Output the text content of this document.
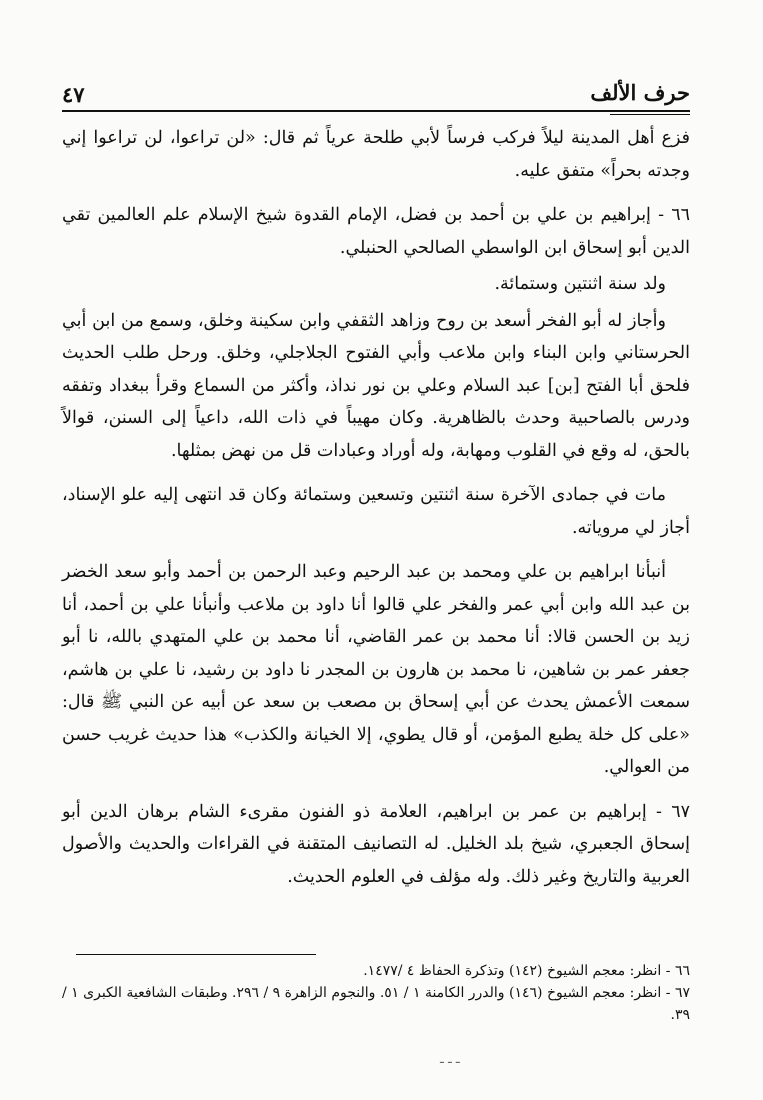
حرف الألف
٤٧

فزع أهل المدينة ليلاً فركب فرساً لأبي طلحة عرياً ثم قال: «لن تراعوا، لن تراعوا إني وجدته بحراً» متفق عليه.

٦٦ - إبراهيم بن علي بن أحمد بن فضل، الإمام القدوة شيخ الإسلام علم العالمين تقي الدين أبو إسحاق ابن الواسطي الصالحي الحنبلي.

ولد سنة اثنتين وستمائة.

وأجاز له أبو الفخر أسعد بن روح وزاهد الثقفي وابن سكينة وخلق، وسمع من ابن أبي الحرستاني وابن البناء وابن ملاعب وأبي الفتوح الجلاجلي، وخلق. ورحل طلب الحديث فلحق أبا الفتح [بن] عبد السلام وعلي بن نور نداذ، وأكثر من السماع وقرأ ببغداد وتفقه ودرس بالصاحبية وحدث بالظاهرية. وكان مهيباً في ذات الله، داعياً إلى السنن، قوالاً بالحق، له وقع في القلوب ومهابة، وله أوراد وعبادات قل من نهض بمثلها.

مات في جمادى الآخرة سنة اثنتين وتسعين وستمائة وكان قد انتهى إليه علو الإسناد، أجاز لي مروياته.

أنبأنا ابراهيم بن علي ومحمد بن عبد الرحيم وعبد الرحمن بن أحمد وأبو سعد الخضر بن عبد الله وابن أبي عمر والفخر علي قالوا أنا داود بن ملاعب وأنبأنا علي بن أحمد، أنا زيد بن الحسن قالا: أنا محمد بن عمر القاضي، أنا محمد بن علي المتهدي بالله، نا أبو جعفر عمر بن شاهين، نا محمد بن هارون بن المجدر نا داود بن رشيد، نا علي بن هاشم، سمعت الأعمش يحدث عن أبي إسحاق بن مصعب بن سعد عن أبيه عن النبي ﷺ قال: «على كل خلة يطبع المؤمن، أو قال يطوي، إلا الخيانة والكذب» هذا حديث غريب حسن من العوالي.

٦٧ - إبراهيم بن عمر بن ابراهيم، العلامة ذو الفنون مقرىء الشام برهان الدين أبو إسحاق الجعبري، شيخ بلد الخليل. له التصانيف المتقنة في القراءات والحديث والأصول العربية والتاريخ وغير ذلك. وله مؤلف في العلوم الحديث.

٦٦ - انظر: معجم الشيوخ (١٤٢) وتذكرة الحفاظ ٤ /١٤٧٧.

٦٧ - انظر: معجم الشيوخ (١٤٦) والدرر الكامنة ١ / ٥١. والنجوم الزاهرة ٩ / ٢٩٦. وطبقات الشافعية الكبرى ١ / ٣٩.

ـ ـ ـ
